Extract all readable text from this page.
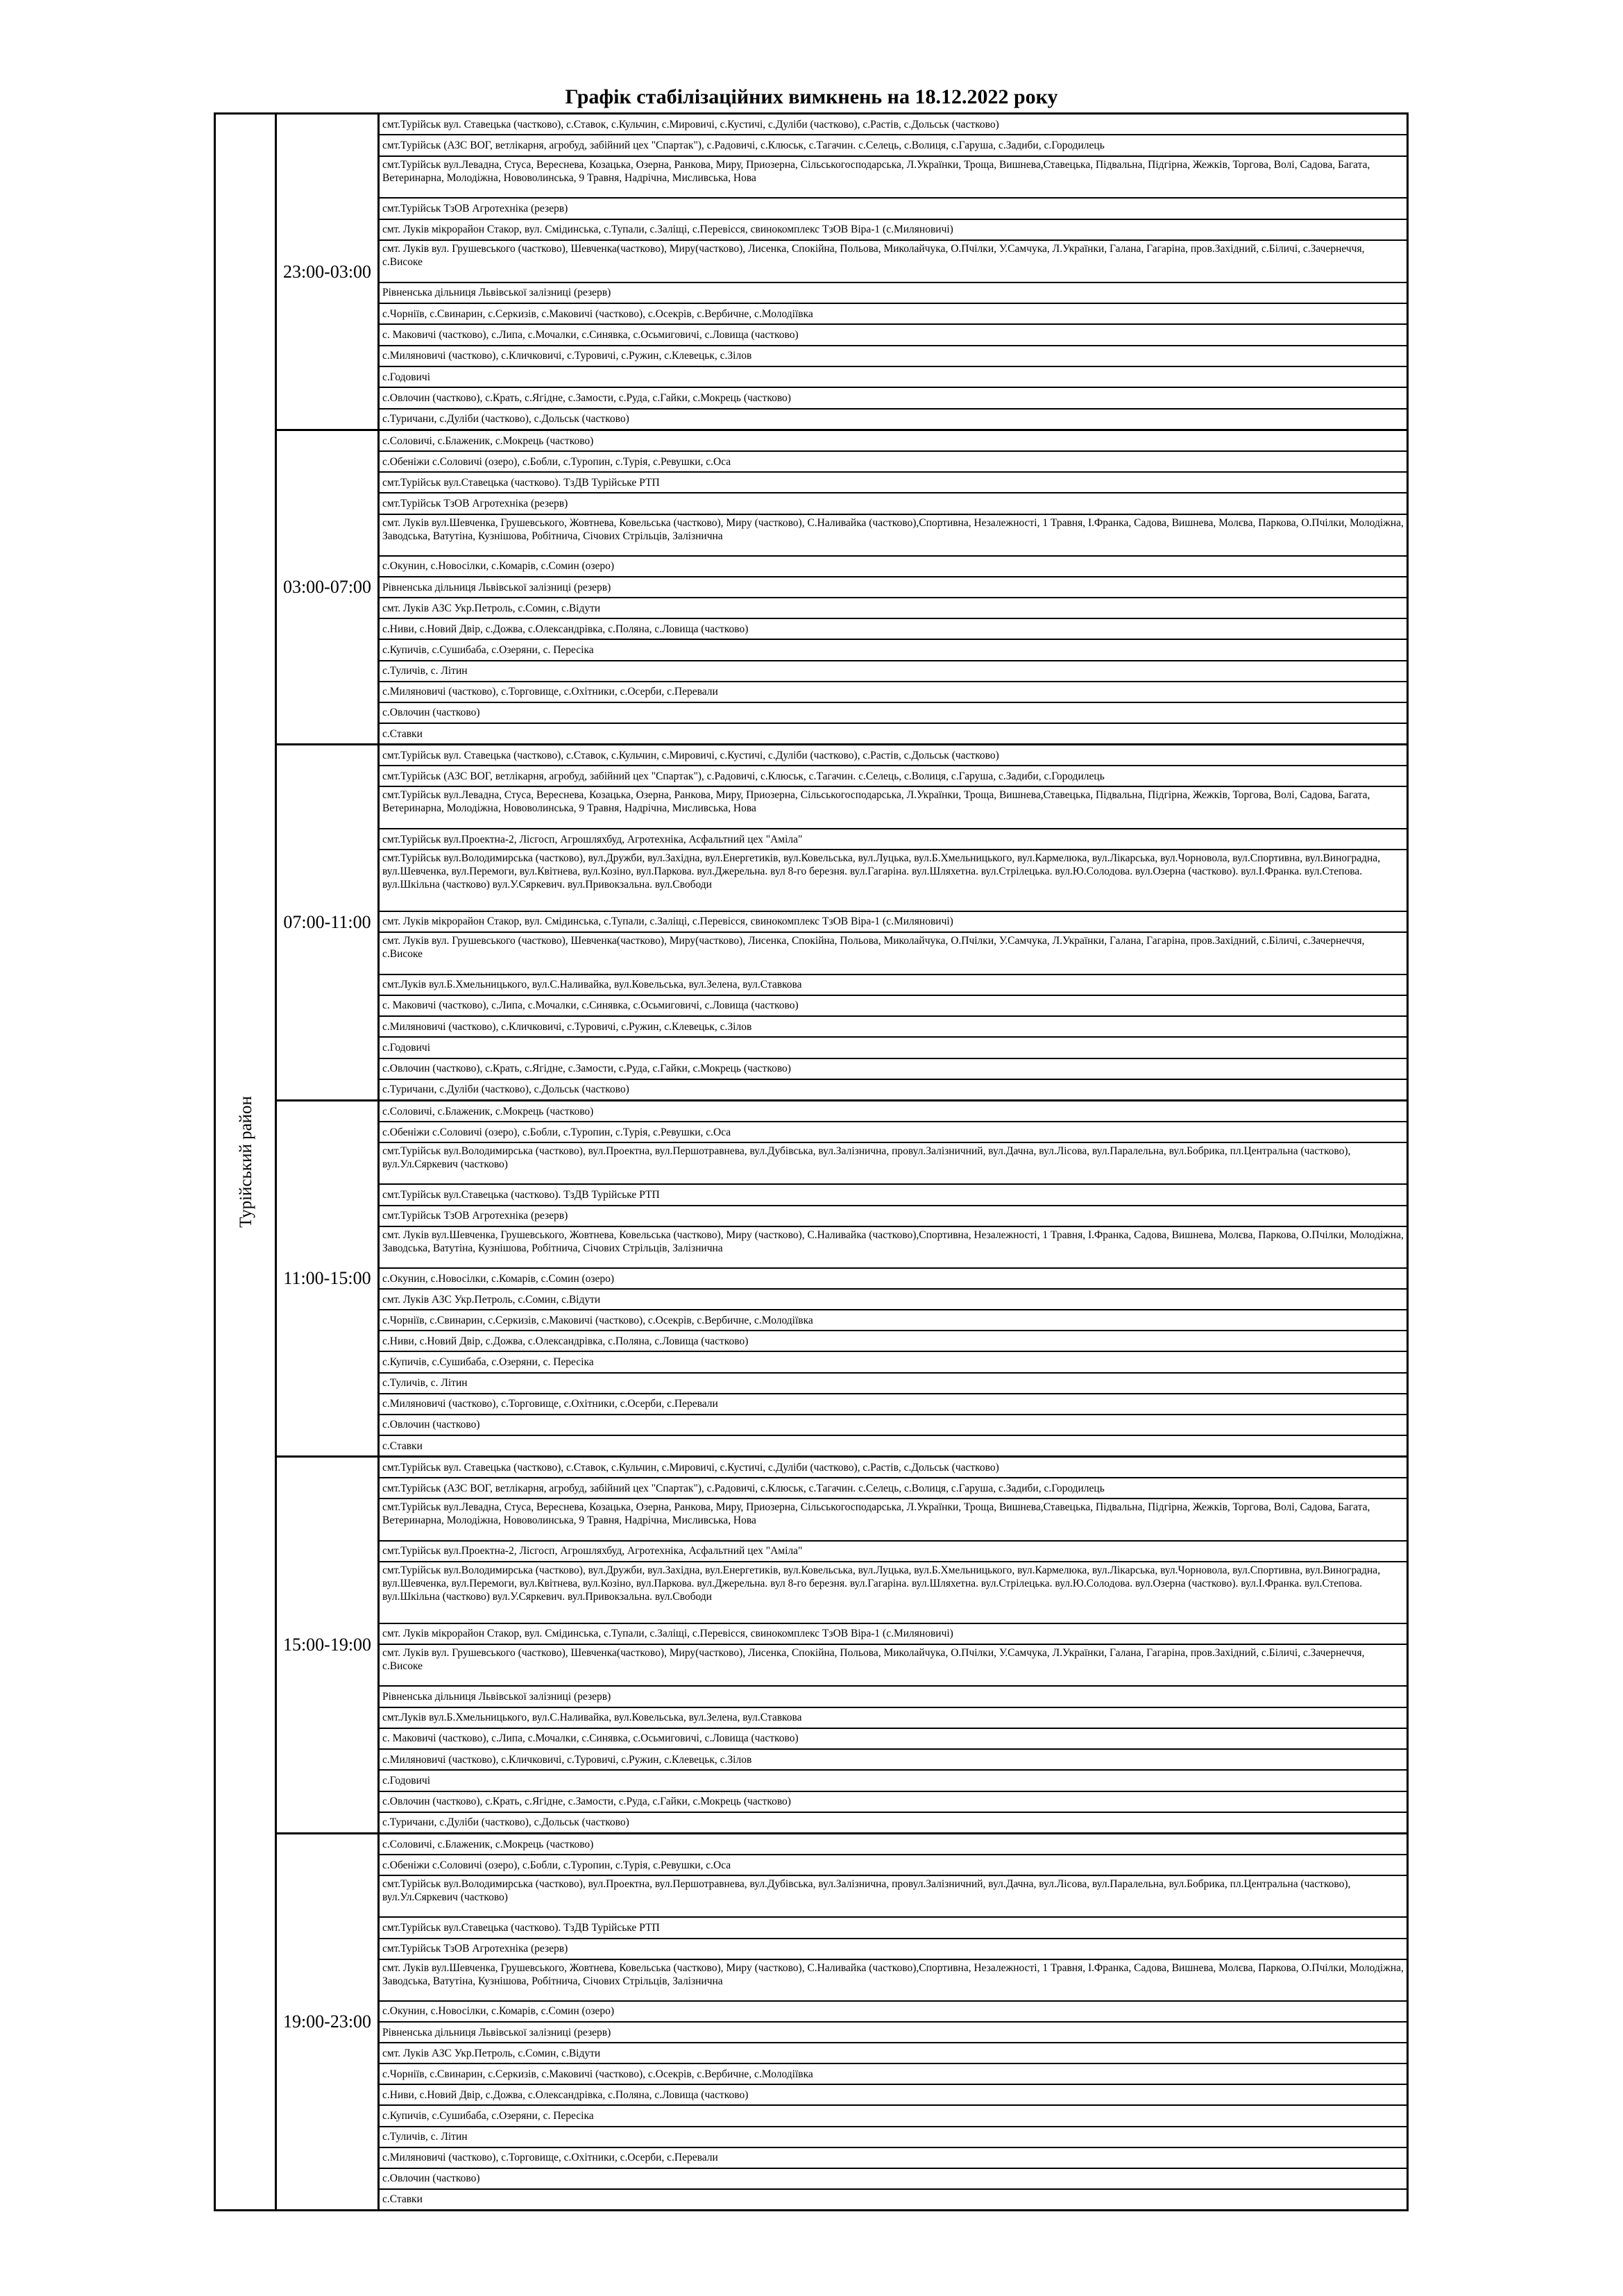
Графік стабілізаційних вимкнень на 18.12.2022 року
Турійський район
23:00-03:00
смт.Турійськ вул. Ставецька (частково), с.Ставок, с.Кульчин, с.Мировичі, с.Кустичі, с.Дуліби (частково), с.Растів, с.Дольськ (частково)
смт.Турійськ (АЗС ВОГ, ветлікарня, агробуд, забійний цех "Спартак"), с.Радовичі, с.Клюськ, с.Тагачин. с.Селець, с.Волиця, с.Гаруша, с.Задиби, с.Городилець
смт.Турійськ вул.Левадна, Стуса, Вереснева, Козацька, Озерна, Ранкова, Миру, Приозерна, Сільськогосподарська, Л.Українки, Троща, Вишнева,Ставецька, Підвальна, Підгірна, Жежків, Торгова, Волі, Садова, Багата, Ветеринарна, Молодіжна, Нововолинська, 9 Травня, Надрічна, Мисливська, Нова
смт.Турійськ ТзОВ Агротехніка (резерв)
смт. Луків мікрорайон Стакор, вул. Смідинська, с.Тупали, с.Заліщі, с.Перевісся, свинокомплекс ТзОВ Віра-1 (с.Миляновичі)
смт. Луків вул. Грушевського (частково), Шевченка(частково), Миру(частково), Лисенка, Спокійна, Польова, Миколайчука, О.Пчілки, У.Самчука, Л.Українки, Галана, Гагаріна, пров.Західний, с.Біличі, с.Зачернеччя, с.Високе
Рівненська дільниця Львівської залізниці (резерв)
с.Чорніїв, с.Свинарин, с.Серкизів, с.Маковичі (частково), с.Осекрів, с.Вербичне, с.Молодіївка
с. Маковичі (частково), с.Липа, с.Мочалки, с.Синявка, с.Осьмиговичі, с.Ловища (частково)
с.Миляновичі (частково), с.Кличковичі, с.Туровичі, с.Ружин, с.Клевецьк, с.Зілов
с.Годовичі
с.Овлочин (частково), с.Крать, с.Ягідне, с.Замости, с.Руда, с.Гайки, с.Мокрець (частково)
с.Туричани, с.Дуліби (частково), с.Дольськ (частково)
03:00-07:00
с.Соловичі, с.Блаженик, с.Мокрець (частково)
с.Обеніжи с.Соловичі (озеро), с.Бобли, с.Туропин, с.Турія, с.Ревушки, с.Оса
смт.Турійськ вул.Ставецька (частково). ТзДВ Турійське РТП
смт.Турійськ ТзОВ Агротехніка (резерв)
смт. Луків вул.Шевченка, Грушевського, Жовтнева, Ковельська (частково), Миру (частково), С.Наливайка (частково),Спортивна, Незалежності, 1 Травня, І.Франка, Садова, Вишнева, Молєва, Паркова, О.Пчілки, Молодіжна, Заводська, Ватутіна, Кузнішова, Робітнича, Січових Стрільців, Залізнична
с.Окунин, с.Новосілки, с.Комарів, с.Сомин (озеро)
Рівненська дільниця Львівської залізниці (резерв)
смт. Луків АЗС Укр.Петроль, с.Сомин, с.Відути
с.Ниви, с.Новий Двір, с.Дожва, с.Олександрівка, с.Поляна, с.Ловища (частково)
с.Купичів, с.Сушибаба, с.Озеряни, с. Пересіка
с.Туличів, с. Літин
с.Миляновичі (частково), с.Торговище, с.Охітники, с.Осерби, с.Перевали
с.Овлочин (частково)
с.Ставки
07:00-11:00
смт.Турійськ вул. Ставецька (частково), с.Ставок, с.Кульчин, с.Мировичі, с.Кустичі, с.Дуліби (частково), с.Растів, с.Дольськ (частково)
смт.Турійськ (АЗС ВОГ, ветлікарня, агробуд, забійний цех "Спартак"), с.Радовичі, с.Клюськ, с.Тагачин. с.Селець, с.Волиця, с.Гаруша, с.Задиби, с.Городилець
смт.Турійськ вул.Левадна, Стуса, Вереснева, Козацька, Озерна, Ранкова, Миру, Приозерна, Сільськогосподарська, Л.Українки, Троща, Вишнева,Ставецька, Підвальна, Підгірна, Жежків, Торгова, Волі, Садова, Багата, Ветеринарна, Молодіжна, Нововолинська, 9 Травня, Надрічна, Мисливська, Нова
смт.Турійськ вул.Проектна-2, Лісгосп, Агрошляхбуд, Агротехніка, Асфальтний цех "Аміла"
смт.Турійськ вул.Володимирська (частково), вул.Дружби, вул.Західна, вул.Енергетиків, вул.Ковельська, вул.Луцька, вул.Б.Хмельницького, вул.Кармелюка, вул.Лікарська, вул.Чорновола, вул.Спортивна, вул.Виноградна, вул.Шевченка, вул.Перемоги, вул.Квітнева, вул.Козіно, вул.Паркова. вул.Джерельна. вул 8-го березня. вул.Гагаріна. вул.Шляхетна. вул.Стрілецька. вул.Ю.Солодова. вул.Озерна (частково). вул.І.Франка. вул.Степова. вул.Шкільна (частково) вул.У.Сяркевич. вул.Привокзальна. вул.Свободи
смт. Луків мікрорайон Стакор, вул. Смідинська, с.Тупали, с.Заліщі, с.Перевісся, свинокомплекс ТзОВ Віра-1 (с.Миляновичі)
смт. Луків вул. Грушевського (частково), Шевченка(частково), Миру(частково), Лисенка, Спокійна, Польова, Миколайчука, О.Пчілки, У.Самчука, Л.Українки, Галана, Гагаріна, пров.Західний, с.Біличі, с.Зачернеччя, с.Високе
смт.Луків вул.Б.Хмельницького, вул.С.Наливайка, вул.Ковельська, вул.Зелена, вул.Ставкова
с. Маковичі (частково), с.Липа, с.Мочалки, с.Синявка, с.Осьмиговичі, с.Ловища (частково)
с.Миляновичі (частково), с.Кличковичі, с.Туровичі, с.Ружин, с.Клевецьк, с.Зілов
с.Годовичі
с.Овлочин (частково), с.Крать, с.Ягідне, с.Замости, с.Руда, с.Гайки, с.Мокрець (частково)
с.Туричани, с.Дуліби (частково), с.Дольськ (частково)
11:00-15:00
с.Соловичі, с.Блаженик, с.Мокрець (частково)
с.Обеніжи с.Соловичі (озеро), с.Бобли, с.Туропин, с.Турія, с.Ревушки, с.Оса
смт.Турійськ вул.Володимирська (частково), вул.Проектна, вул.Першотравнева, вул.Дубівська, вул.Залізнична, провул.Залізничний, вул.Дачна, вул.Лісова, вул.Паралельна, вул.Бобрика, пл.Центральна (частково), вул.Ул.Сяркевич (частково)
смт.Турійськ вул.Ставецька (частково). ТзДВ Турійське РТП
смт.Турійськ ТзОВ Агротехніка (резерв)
смт. Луків вул.Шевченка, Грушевського, Жовтнева, Ковельська (частково), Миру (частково), С.Наливайка (частково),Спортивна, Незалежності, 1 Травня, І.Франка, Садова, Вишнева, Молєва, Паркова, О.Пчілки, Молодіжна, Заводська, Ватутіна, Кузнішова, Робітнича, Січових Стрільців, Залізнична
с.Окунин, с.Новосілки, с.Комарів, с.Сомин (озеро)
смт. Луків АЗС Укр.Петроль, с.Сомин, с.Відути
с.Чорніїв, с.Свинарин, с.Серкизів, с.Маковичі (частково), с.Осекрів, с.Вербичне, с.Молодіївка
с.Ниви, с.Новий Двір, с.Дожва, с.Олександрівка, с.Поляна, с.Ловища (частково)
с.Купичів, с.Сушибаба, с.Озеряни, с. Пересіка
с.Туличів, с. Літин
с.Миляновичі (частково), с.Торговище, с.Охітники, с.Осерби, с.Перевали
с.Овлочин (частково)
с.Ставки
15:00-19:00
смт.Турійськ вул. Ставецька (частково), с.Ставок, с.Кульчин, с.Мировичі, с.Кустичі, с.Дуліби (частково), с.Растів, с.Дольськ (частково)
смт.Турійськ (АЗС ВОГ, ветлікарня, агробуд, забійний цех "Спартак"), с.Радовичі, с.Клюськ, с.Тагачин. с.Селець, с.Волиця, с.Гаруша, с.Задиби, с.Городилець
смт.Турійськ вул.Левадна, Стуса, Вереснева, Козацька, Озерна, Ранкова, Миру, Приозерна, Сільськогосподарська, Л.Українки, Троща, Вишнева,Ставецька, Підвальна, Підгірна, Жежків, Торгова, Волі, Садова, Багата, Ветеринарна, Молодіжна, Нововолинська, 9 Травня, Надрічна, Мисливська, Нова
смт.Турійськ вул.Проектна-2, Лісгосп, Агрошляхбуд, Агротехніка, Асфальтний цех "Аміла"
смт.Турійськ вул.Володимирська (частково), вул.Дружби, вул.Західна, вул.Енергетиків, вул.Ковельська, вул.Луцька, вул.Б.Хмельницького, вул.Кармелюка, вул.Лікарська, вул.Чорновола, вул.Спортивна, вул.Виноградна, вул.Шевченка, вул.Перемоги, вул.Квітнева, вул.Козіно, вул.Паркова. вул.Джерельна. вул 8-го березня. вул.Гагаріна. вул.Шляхетна. вул.Стрілецька. вул.Ю.Солодова. вул.Озерна (частково). вул.І.Франка. вул.Степова. вул.Шкільна (частково) вул.У.Сяркевич. вул.Привокзальна. вул.Свободи
смт. Луків мікрорайон Стакор, вул. Смідинська, с.Тупали, с.Заліщі, с.Перевісся, свинокомплекс ТзОВ Віра-1 (с.Миляновичі)
смт. Луків вул. Грушевського (частково), Шевченка(частково), Миру(частково), Лисенка, Спокійна, Польова, Миколайчука, О.Пчілки, У.Самчука, Л.Українки, Галана, Гагаріна, пров.Західний, с.Біличі, с.Зачернеччя, с.Високе
Рівненська дільниця Львівської залізниці (резерв)
смт.Луків вул.Б.Хмельницького, вул.С.Наливайка, вул.Ковельська, вул.Зелена, вул.Ставкова
с. Маковичі (частково), с.Липа, с.Мочалки, с.Синявка, с.Осьмиговичі, с.Ловища (частково)
с.Миляновичі (частково), с.Кличковичі, с.Туровичі, с.Ружин, с.Клевецьк, с.Зілов
с.Годовичі
с.Овлочин (частково), с.Крать, с.Ягідне, с.Замости, с.Руда, с.Гайки, с.Мокрець (частково)
с.Туричани, с.Дуліби (частково), с.Дольськ (частково)
19:00-23:00
с.Соловичі, с.Блаженик, с.Мокрець (частково)
с.Обеніжи с.Соловичі (озеро), с.Бобли, с.Туропин, с.Турія, с.Ревушки, с.Оса
смт.Турійськ вул.Володимирська (частково), вул.Проектна, вул.Першотравнева, вул.Дубівська, вул.Залізнична, провул.Залізничний, вул.Дачна, вул.Лісова, вул.Паралельна, вул.Бобрика, пл.Центральна (частково), вул.Ул.Сяркевич (частково)
смт.Турійськ вул.Ставецька (частково). ТзДВ Турійське РТП
смт.Турійськ ТзОВ Агротехніка (резерв)
смт. Луків вул.Шевченка, Грушевського, Жовтнева, Ковельська (частково), Миру (частково), С.Наливайка (частково),Спортивна, Незалежності, 1 Травня, І.Франка, Садова, Вишнева, Молєва, Паркова, О.Пчілки, Молодіжна, Заводська, Ватутіна, Кузнішова, Робітнича, Січових Стрільців, Залізнична
с.Окунин, с.Новосілки, с.Комарів, с.Сомин (озеро)
Рівненська дільниця Львівської залізниці (резерв)
смт. Луків АЗС Укр.Петроль, с.Сомин, с.Відути
с.Чорніїв, с.Свинарин, с.Серкизів, с.Маковичі (частково), с.Осекрів, с.Вербичне, с.Молодіївка
с.Ниви, с.Новий Двір, с.Дожва, с.Олександрівка, с.Поляна, с.Ловища (частково)
с.Купичів, с.Сушибаба, с.Озеряни, с. Пересіка
с.Туличів, с. Літин
с.Миляновичі (частково), с.Торговище, с.Охітники, с.Осерби, с.Перевали
с.Овлочин (частково)
с.Ставки
